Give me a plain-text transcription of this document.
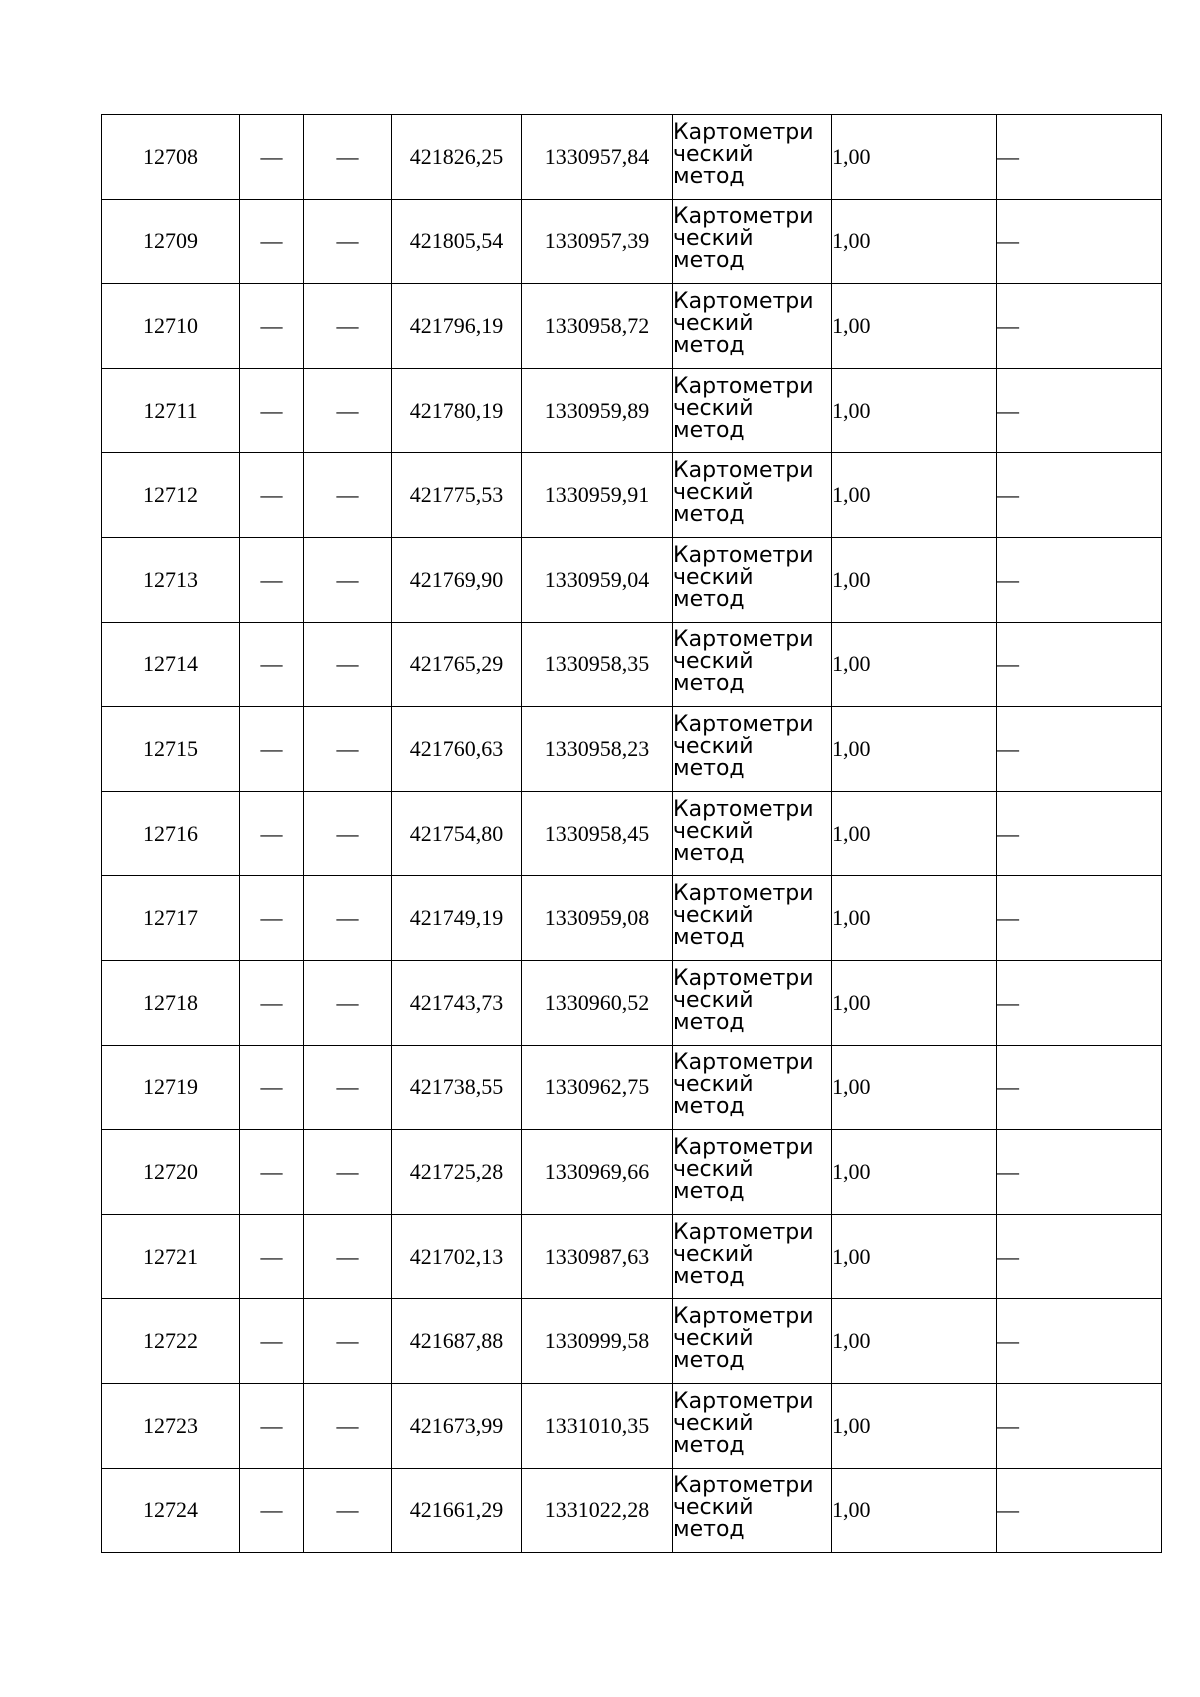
12708	—	—	421826,25	1330957,84	Картометри
ческий
метод	1,00	—
12709	—	—	421805,54	1330957,39	Картометри
ческий
метод	1,00	—
12710	—	—	421796,19	1330958,72	Картометри
ческий
метод	1,00	—
12711	—	—	421780,19	1330959,89	Картометри
ческий
метод	1,00	—
12712	—	—	421775,53	1330959,91	Картометри
ческий
метод	1,00	—
12713	—	—	421769,90	1330959,04	Картометри
ческий
метод	1,00	—
12714	—	—	421765,29	1330958,35	Картометри
ческий
метод	1,00	—
12715	—	—	421760,63	1330958,23	Картометри
ческий
метод	1,00	—
12716	—	—	421754,80	1330958,45	Картометри
ческий
метод	1,00	—
12717	—	—	421749,19	1330959,08	Картометри
ческий
метод	1,00	—
12718	—	—	421743,73	1330960,52	Картометри
ческий
метод	1,00	—
12719	—	—	421738,55	1330962,75	Картометри
ческий
метод	1,00	—
12720	—	—	421725,28	1330969,66	Картометри
ческий
метод	1,00	—
12721	—	—	421702,13	1330987,63	Картометри
ческий
метод	1,00	—
12722	—	—	421687,88	1330999,58	Картометри
ческий
метод	1,00	—
12723	—	—	421673,99	1331010,35	Картометри
ческий
метод	1,00	—
12724	—	—	421661,29	1331022,28	Картометри
ческий
метод	1,00	—
